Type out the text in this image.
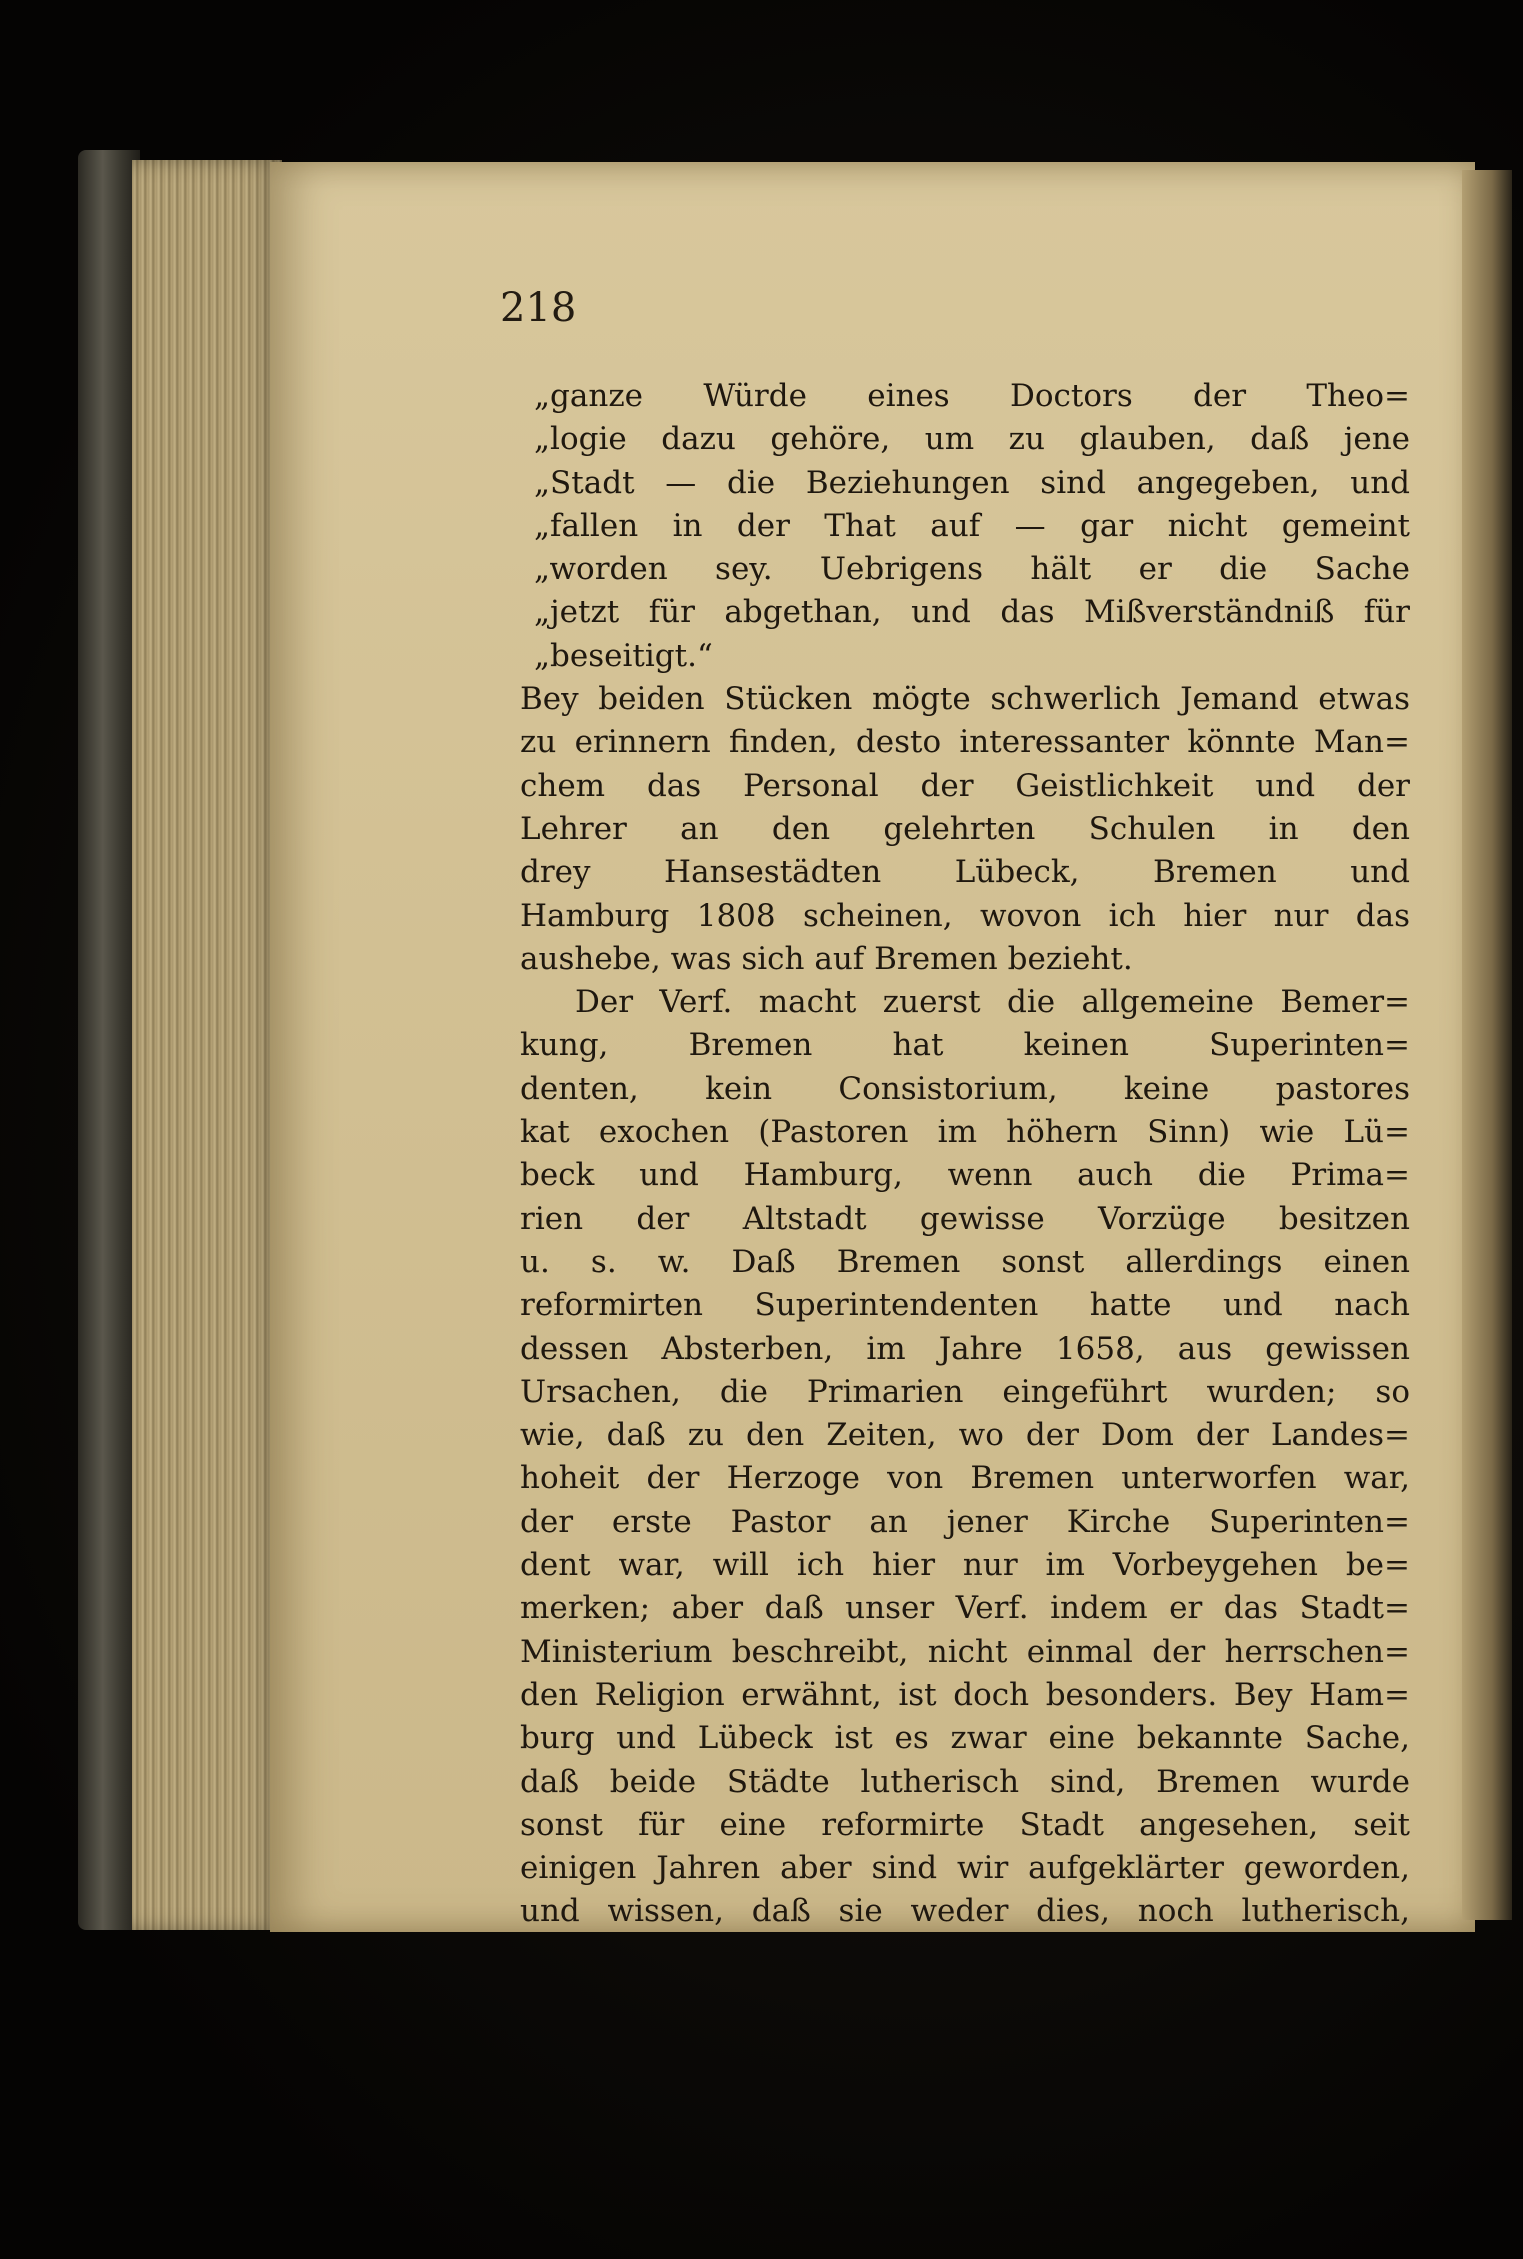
218
„ganze Würde eines Doctors der Theo=
„logie dazu gehöre, um zu glauben, daß jene
„Stadt — die Beziehungen sind angegeben, und
„fallen in der That auf — gar nicht gemeint
„worden sey. Uebrigens hält er die Sache
„jetzt für abgethan, und das Mißverständniß für
„beseitigt.“
Bey beiden Stücken mögte schwerlich Jemand etwas
zu erinnern finden, desto interessanter könnte Man=
chem das Personal der Geistlichkeit und der
Lehrer an den gelehrten Schulen in den
drey Hansestädten Lübeck, Bremen und
Hamburg 1808 scheinen, wovon ich hier nur das
aushebe, was sich auf Bremen bezieht.
Der Verf. macht zuerst die allgemeine Bemer=
kung, Bremen hat keinen Superinten=
denten, kein Consistorium, keine pastores
kat exochen (Pastoren im höhern Sinn) wie Lü=
beck und Hamburg, wenn auch die Prima=
rien der Altstadt gewisse Vorzüge besitzen
u. s. w. Daß Bremen sonst allerdings einen
reformirten Superintendenten hatte und nach
dessen Absterben, im Jahre 1658, aus gewissen
Ursachen, die Primarien eingeführt wurden; so
wie, daß zu den Zeiten, wo der Dom der Landes=
hoheit der Herzoge von Bremen unterworfen war,
der erste Pastor an jener Kirche Superinten=
dent war, will ich hier nur im Vorbeygehen be=
merken; aber daß unser Verf. indem er das Stadt=
Ministerium beschreibt, nicht einmal der herrschen=
den Religion erwähnt, ist doch besonders. Bey Ham=
burg und Lübeck ist es zwar eine bekannte Sache,
daß beide Städte lutherisch sind, Bremen wurde
sonst für eine reformirte Stadt angesehen, seit
einigen Jahren aber sind wir aufgeklärter geworden,
und wissen, daß sie weder dies, noch lutherisch,
